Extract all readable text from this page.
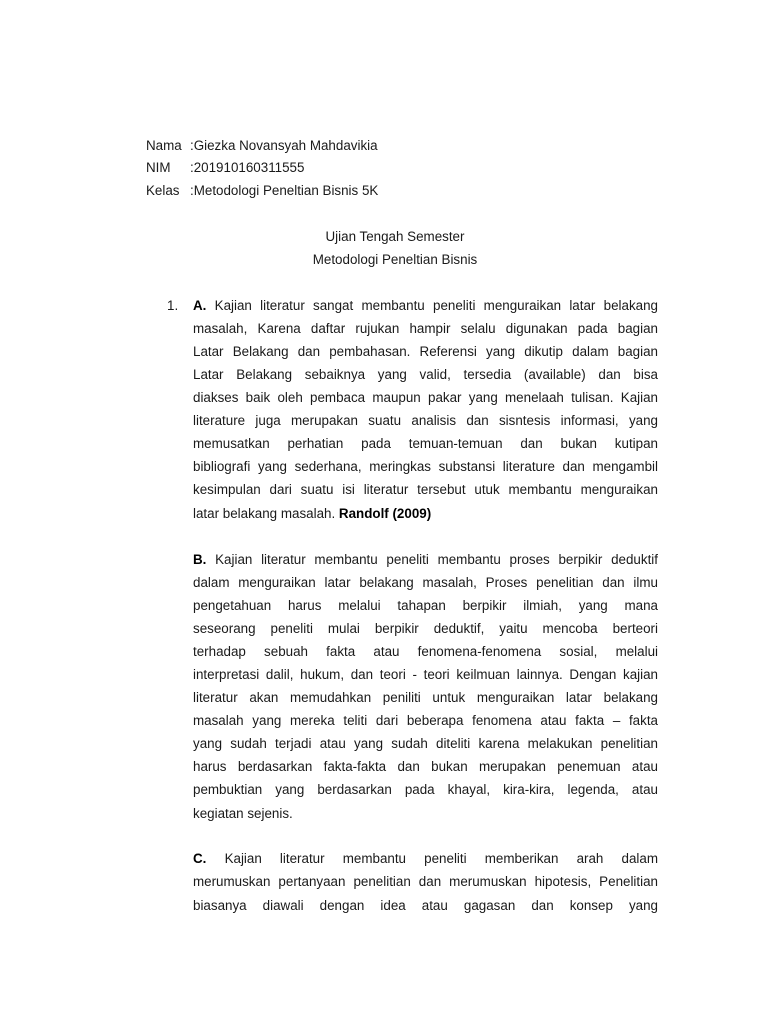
Nama :Giezka Novansyah Mahdavikia
NIM :201910160311555
Kelas :Metodologi Peneltian Bisnis 5K
Ujian Tengah Semester
Metodologi Peneltian Bisnis
1. A. Kajian literatur sangat membantu peneliti menguraikan latar belakang
masalah, Karena daftar rujukan hampir selalu digunakan pada bagian
Latar Belakang dan pembahasan. Referensi yang dikutip dalam bagian
Latar Belakang sebaiknya yang valid, tersedia (available) dan bisa
diakses baik oleh pembaca maupun pakar yang menelaah tulisan. Kajian
literature juga merupakan suatu analisis dan sisntesis informasi, yang
memusatkan perhatian pada temuan-temuan dan bukan kutipan
bibliografi yang sederhana, meringkas substansi literature dan mengambil
kesimpulan dari suatu isi literatur tersebut utuk membantu menguraikan
latar belakang masalah. Randolf (2009)
B. Kajian literatur membantu peneliti membantu proses berpikir deduktif
dalam menguraikan latar belakang masalah, Proses penelitian dan ilmu
pengetahuan harus melalui tahapan berpikir ilmiah, yang mana
seseorang peneliti mulai berpikir deduktif, yaitu mencoba berteori
terhadap sebuah fakta atau fenomena-fenomena sosial, melalui
interpretasi dalil, hukum, dan teori - teori keilmuan lainnya. Dengan kajian
literatur akan memudahkan peniliti untuk menguraikan latar belakang
masalah yang mereka teliti dari beberapa fenomena atau fakta – fakta
yang sudah terjadi atau yang sudah diteliti karena melakukan penelitian
harus berdasarkan fakta-fakta dan bukan merupakan penemuan atau
pembuktian yang berdasarkan pada khayal, kira-kira, legenda, atau
kegiatan sejenis.
C. Kajian literatur membantu peneliti memberikan arah dalam
merumuskan pertanyaan penelitian dan merumuskan hipotesis, Penelitian
biasanya diawali dengan idea atau gagasan dan konsep yang
